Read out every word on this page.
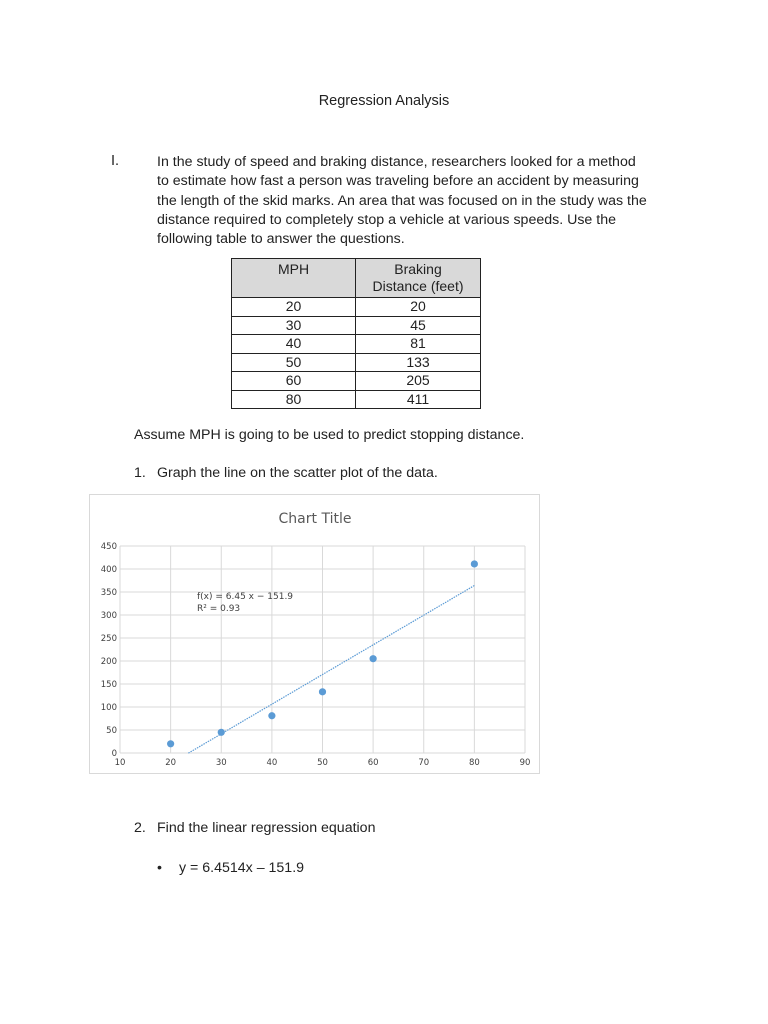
Regression Analysis
I.	In the study of speed and braking distance, researchers looked for a method
to estimate how fast a person was traveling before an accident by measuring
the length of the skid marks. An area that was focused on in the study was the
distance required to completely stop a vehicle at various speeds. Use the
following table to answer the questions.
MPH	Braking
Distance (feet)

20	20
30	45
40	81
50	133
60	205
80	411
Assume MPH is going to be used to predict stopping distance.
1. Graph the line on the scatter plot of the data.
Chart Title
0
50
100
150
200
250
300
350
400
450
10	20	30	40	50	60	70	80	90
f(x) = 6.45 x − 151.9
R² = 0.93
2. Find the linear regression equation
• y = 6.4514x – 151.9
